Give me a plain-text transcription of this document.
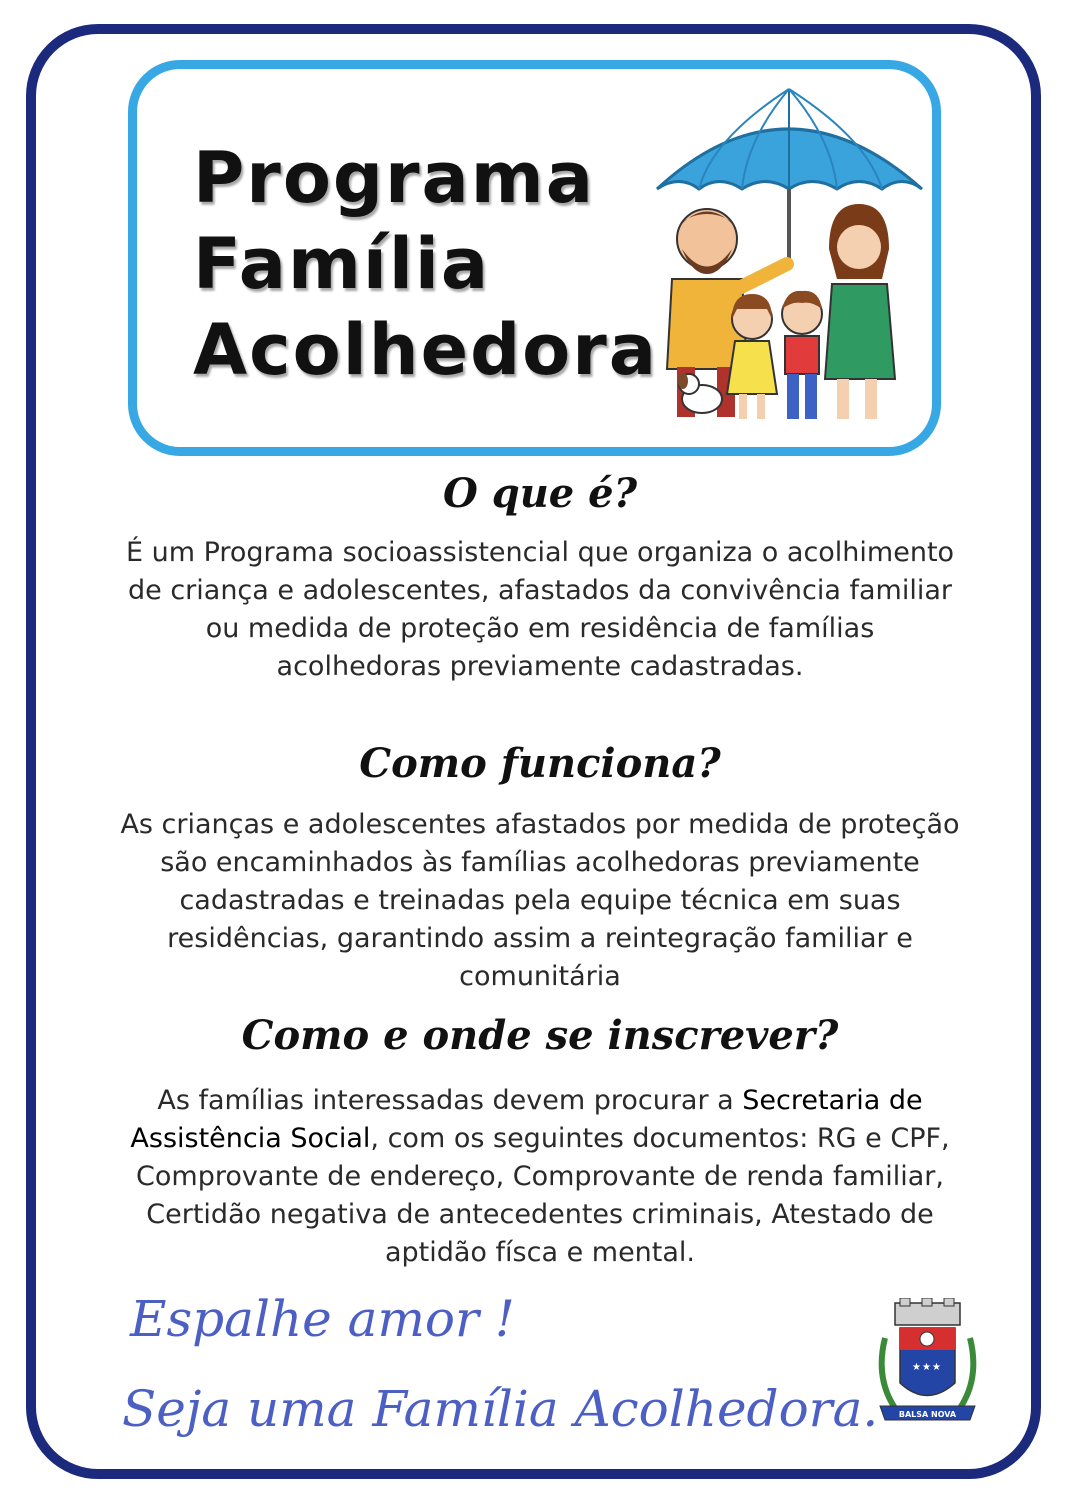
Programa
Família
Acolhedora
O que é?

É um Programa socioassistencial que organiza o acolhimento de criança e adolescentes, afastados da convivência familiar ou medida de proteção em residência de famílias acolhedoras previamente cadastradas.

Como funciona?

As crianças e adolescentes afastados por medida de proteção são encaminhados às famílias acolhedoras previamente cadastradas e treinadas pela equipe técnica em suas residências, garantindo assim a reintegração familiar e comunitária

Como e onde se inscrever?

As famílias interessadas devem procurar a Secretaria de Assistência Social, com os seguintes documentos: RG e CPF, Comprovante de endereço, Comprovante de renda familiar, Certidão negativa de antecedentes criminais, Atestado de aptidão físca e mental.

Espalhe amor !

Seja uma Família Acolhedora.

★ ★ ★
BALSA NOVA
